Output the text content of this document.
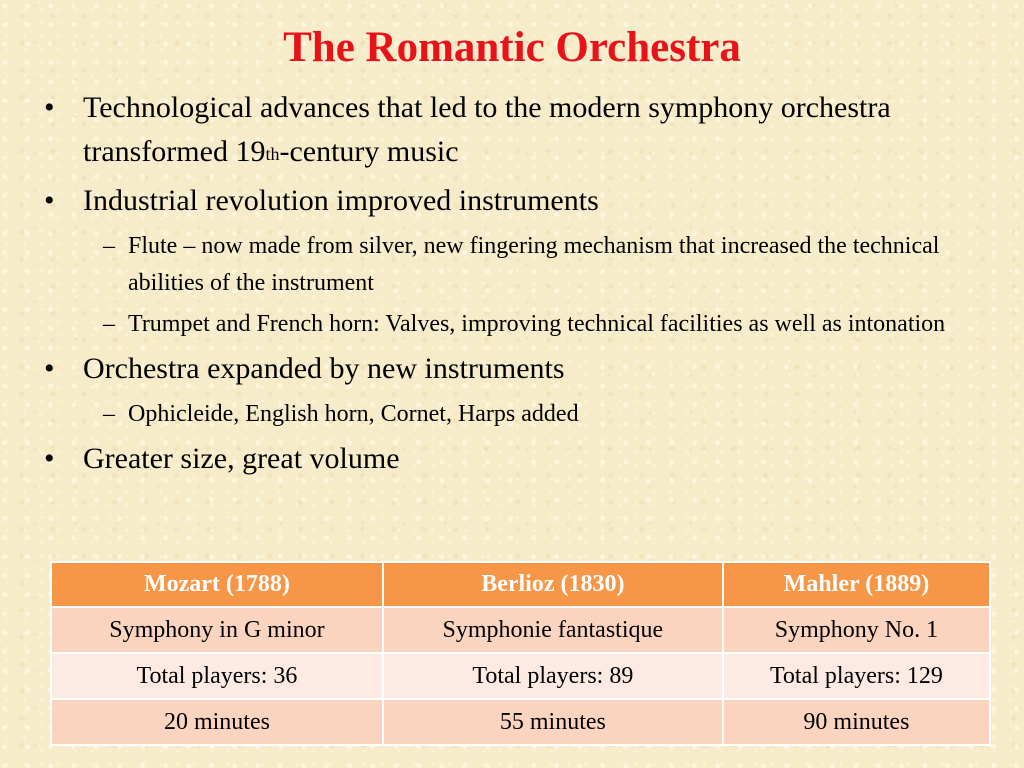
The Romantic Orchestra
• Technological advances that led to the modern symphony orchestra transformed 19th-century music
• Industrial revolution improved instruments
– Flute – now made from silver, new fingering mechanism that increased the technical abilities of the instrument
– Trumpet and French horn: Valves, improving technical facilities as well as intonation
• Orchestra expanded by new instruments
– Ophicleide, English horn, Cornet, Harps added
• Greater size, great volume
Mozart (1788)	Berlioz (1830)	Mahler (1889)
Symphony in G minor	Symphonie fantastique	Symphony No. 1
Total players: 36	Total players: 89	Total players: 129
20 minutes	55 minutes	90 minutes
